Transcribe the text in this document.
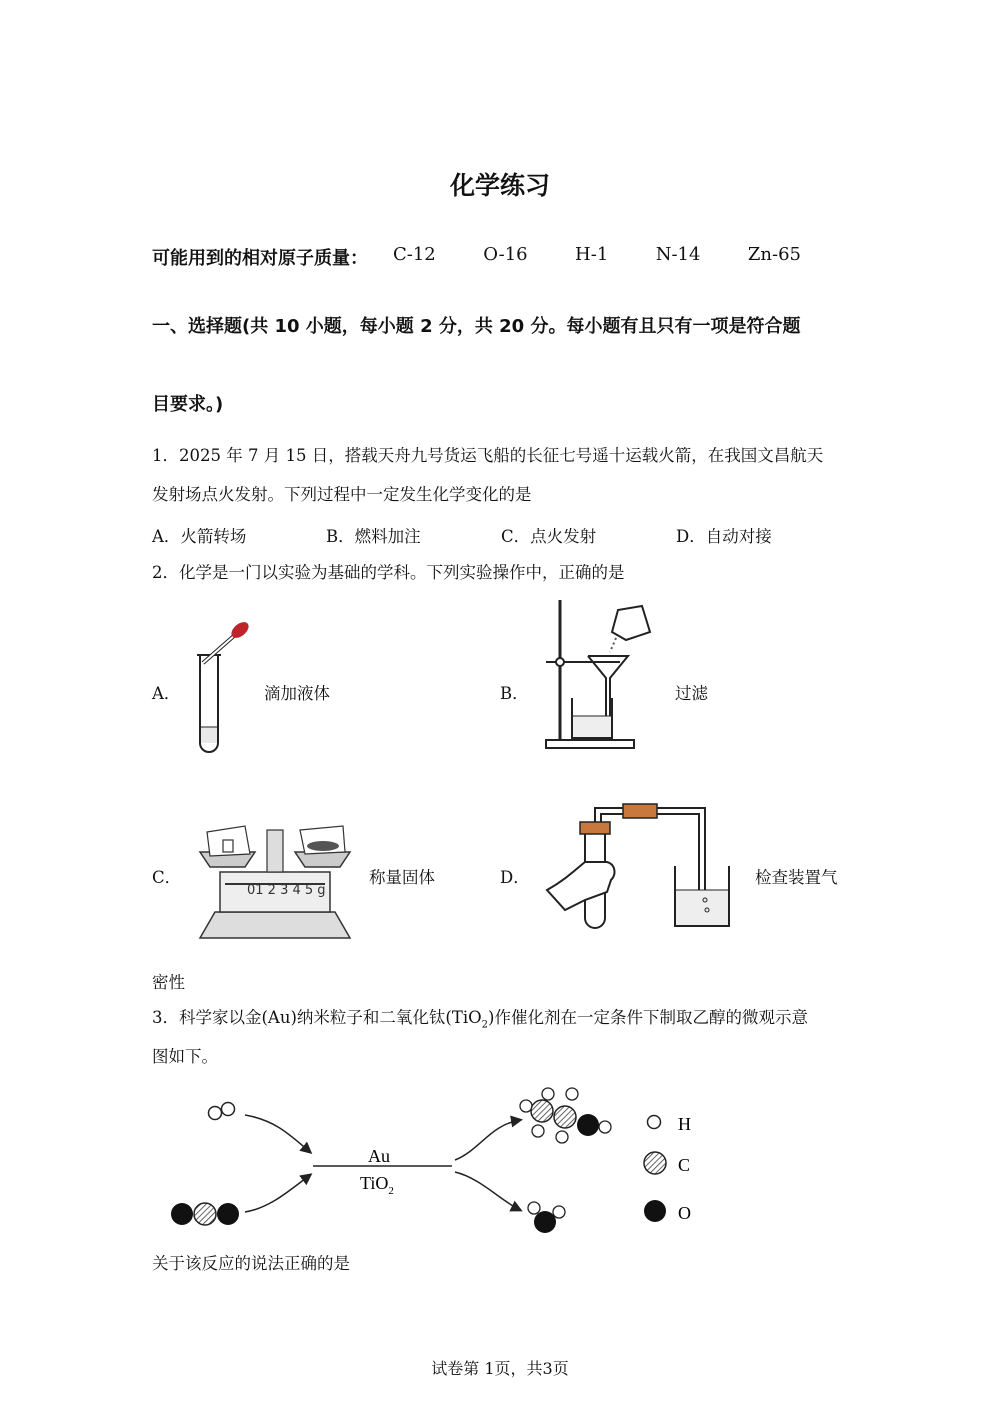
化学练习
可能用到的相对原子质量： C-12  O-16  H-1  N-14  Zn-65
一、选择题(共 10 小题，每小题 2 分，共 20 分。每小题有且只有一项是符合题
目要求。)
1．2025 年 7 月 15 日，搭载天舟九号货运飞船的长征七号遥十运载火箭，在我国文昌航天
发射场点火发射。下列过程中一定发生化学变化的是
A．火箭转场	B．燃料加注	C．点火发射	D．自动对接
2．化学是一门以实验为基础的学科。下列实验操作中，正确的是
A．	滴加液体	B．	过滤
C．	称量固体
01 2 3 4 5 g
D．	检查装置气
密性
3．科学家以金(Au)纳米粒子和二氧化钛(TiO$_2$)作催化剂在一定条件下制取乙醇的微观示意
图如下。
Au
TiO$_2$
H
C
O
关于该反应的说法正确的是
试卷第 1页，共3页
